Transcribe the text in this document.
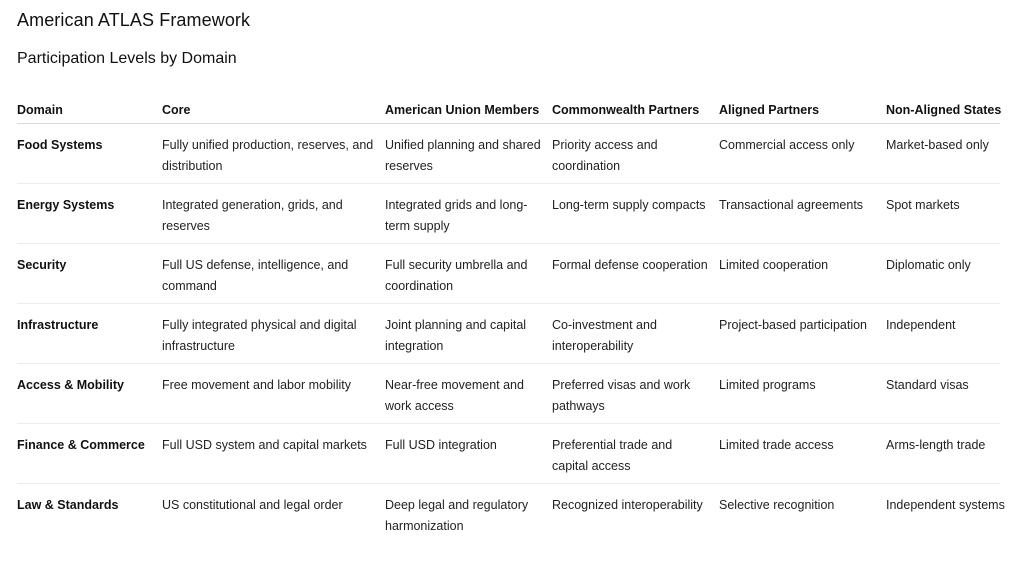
American ATLAS Framework
Participation Levels by Domain
Domain	Core	American Union Members	Commonwealth Partners	Aligned Partners	Non-Aligned States
Food Systems	Fully unified production, reserves, and distribution	Unified planning and shared reserves	Priority access and coordination	Commercial access only	Market-based only
Energy Systems	Integrated generation, grids, and reserves	Integrated grids and long-term supply	Long-term supply compacts	Transactional agreements	Spot markets
Security	Full US defense, intelligence, and command	Full security umbrella and coordination	Formal defense cooperation	Limited cooperation	Diplomatic only
Infrastructure	Fully integrated physical and digital infrastructure	Joint planning and capital integration	Co-investment and interoperability	Project-based participation	Independent
Access & Mobility	Free movement and labor mobility	Near-free movement and work access	Preferred visas and work pathways	Limited programs	Standard visas
Finance & Commerce	Full USD system and capital markets	Full USD integration	Preferential trade and capital access	Limited trade access	Arms-length trade
Law & Standards	US constitutional and legal order	Deep legal and regulatory harmonization	Recognized interoperability	Selective recognition	Independent systems
